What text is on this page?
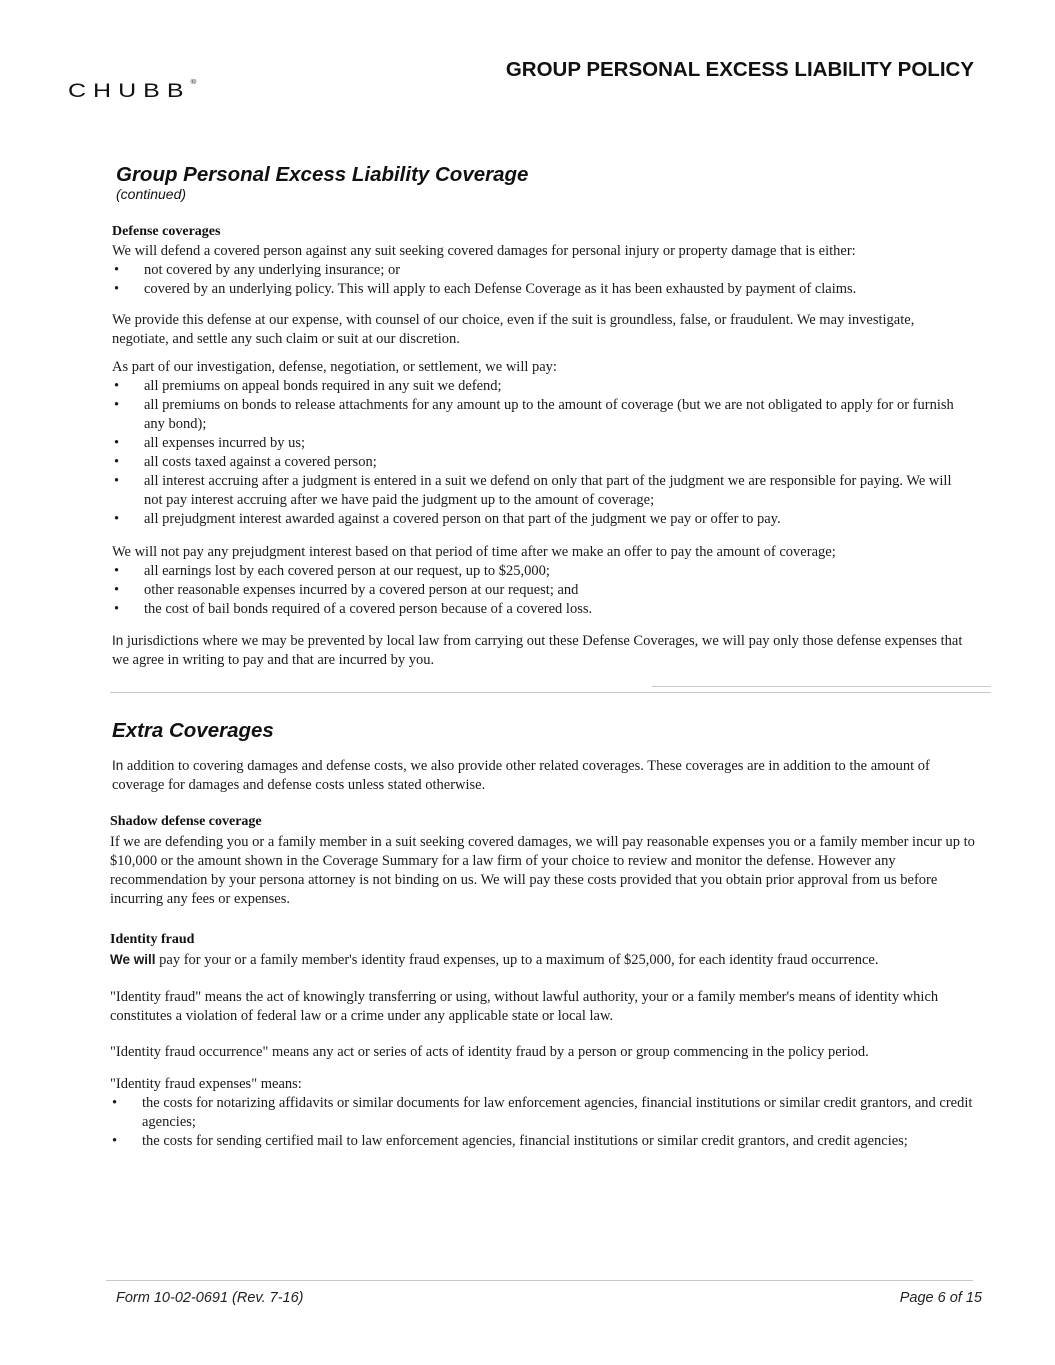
CHUBB®
GROUP PERSONAL EXCESS LIABILITY POLICY
Group Personal Excess Liability Coverage
(continued)
Defense coverages

We will defend a covered person against any suit seeking covered damages for personal injury or property damage that is either:

• not covered by any underlying insurance; or
• covered by an underlying policy. This will apply to each Defense Coverage as it has been exhausted by payment of claims.

We provide this defense at our expense, with counsel of our choice, even if the suit is groundless, false, or fraudulent. We may investigate, negotiate, and settle any such claim or suit at our discretion.

As part of our investigation, defense, negotiation, or settlement, we will pay:

• all premiums on appeal bonds required in any suit we defend;
• all premiums on bonds to release attachments for any amount up to the amount of coverage (but we are not obligated to apply for or furnish any bond);
• all expenses incurred by us;
• all costs taxed against a covered person;
• all interest accruing after a judgment is entered in a suit we defend on only that part of the judgment we are responsible for paying. We will not pay interest accruing after we have paid the judgment up to the amount of coverage;
• all prejudgment interest awarded against a covered person on that part of the judgment we pay or offer to pay.

We will not pay any prejudgment interest based on that period of time after we make an offer to pay the amount of coverage;

• all earnings lost by each covered person at our request, up to $25,000;
• other reasonable expenses incurred by a covered person at our request; and
• the cost of bail bonds required of a covered person because of a covered loss.

In jurisdictions where we may be prevented by local law from carrying out these Defense Coverages, we will pay only those defense expenses that we agree in writing to pay and that are incurred by you.

Extra Coverages

In addition to covering damages and defense costs, we also provide other related coverages. These coverages are in addition to the amount of coverage for damages and defense costs unless stated otherwise.

Shadow defense coverage

If we are defending you or a family member in a suit seeking covered damages, we will pay reasonable expenses you or a family member incur up to $10,000 or the amount shown in the Coverage Summary for a law firm of your choice to review and monitor the defense. However any recommendation by your persona attorney is not binding on us. We will pay these costs provided that you obtain prior approval from us before incurring any fees or expenses.

Identity fraud

We will pay for your or a family member's identity fraud expenses, up to a maximum of $25,000, for each identity fraud occurrence.

"Identity fraud" means the act of knowingly transferring or using, without lawful authority, your or a family member's means of identity which constitutes a violation of federal law or a crime under any applicable state or local law.

"Identity fraud occurrence" means any act or series of acts of identity fraud by a person or group commencing in the policy period.

"Identity fraud expenses" means:

• the costs for notarizing affidavits or similar documents for law enforcement agencies, financial institutions or similar credit grantors, and credit agencies;
• the costs for sending certified mail to law enforcement agencies, financial institutions or similar credit grantors, and credit agencies;
Form 10-02-0691 (Rev. 7-16)	Page 6 of 15
